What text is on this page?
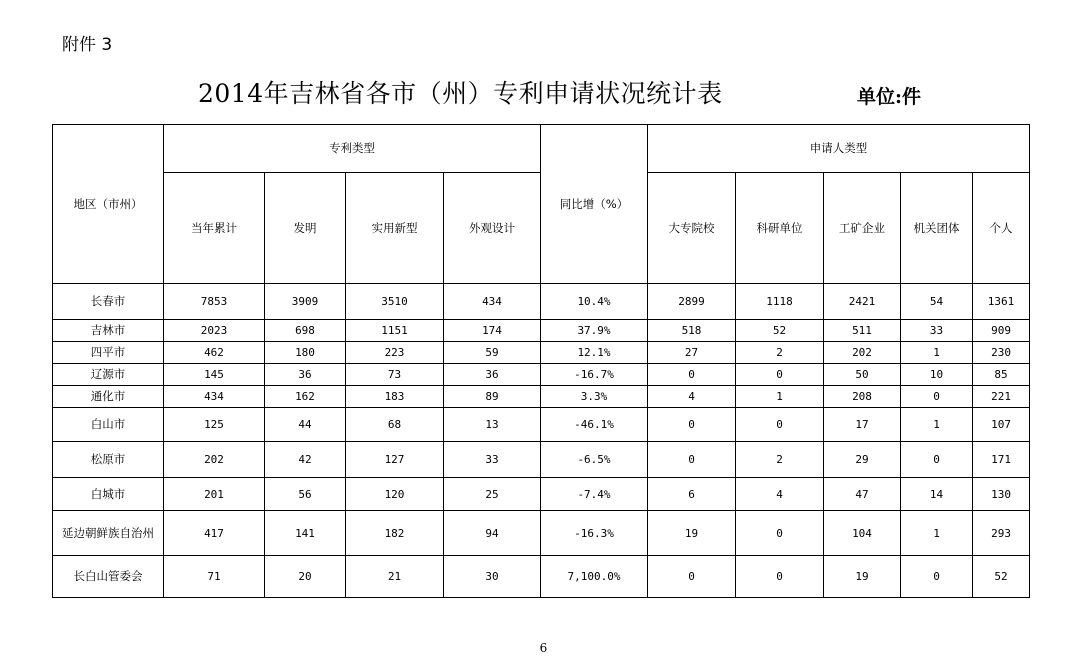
附件 3
2014年吉林省各市（州）专利申请状况统计表	单位:件
地区（市州）	专利类型				同比增（%）	申请人类型				
	当年累计	发明	实用新型	外观设计		大专院校	科研单位	工矿企业	机关团体	个人
长春市	7853	3909	3510	434	10.4%	2899	1118	2421	54	1361
吉林市	2023	698	1151	174	37.9%	518	52	511	33	909
四平市	462	180	223	59	12.1%	27	2	202	1	230
辽源市	145	36	73	36	-16.7%	0	0	50	10	85
通化市	434	162	183	89	3.3%	4	1	208	0	221
白山市	125	44	68	13	-46.1%	0	0	17	1	107
松原市	202	42	127	33	-6.5%	0	2	29	0	171
白城市	201	56	120	25	-7.4%	6	4	47	14	130
延边朝鲜族自治州	417	141	182	94	-16.3%	19	0	104	1	293
长白山管委会	71	20	21	30	7,100.0%	0	0	19	0	52
6
